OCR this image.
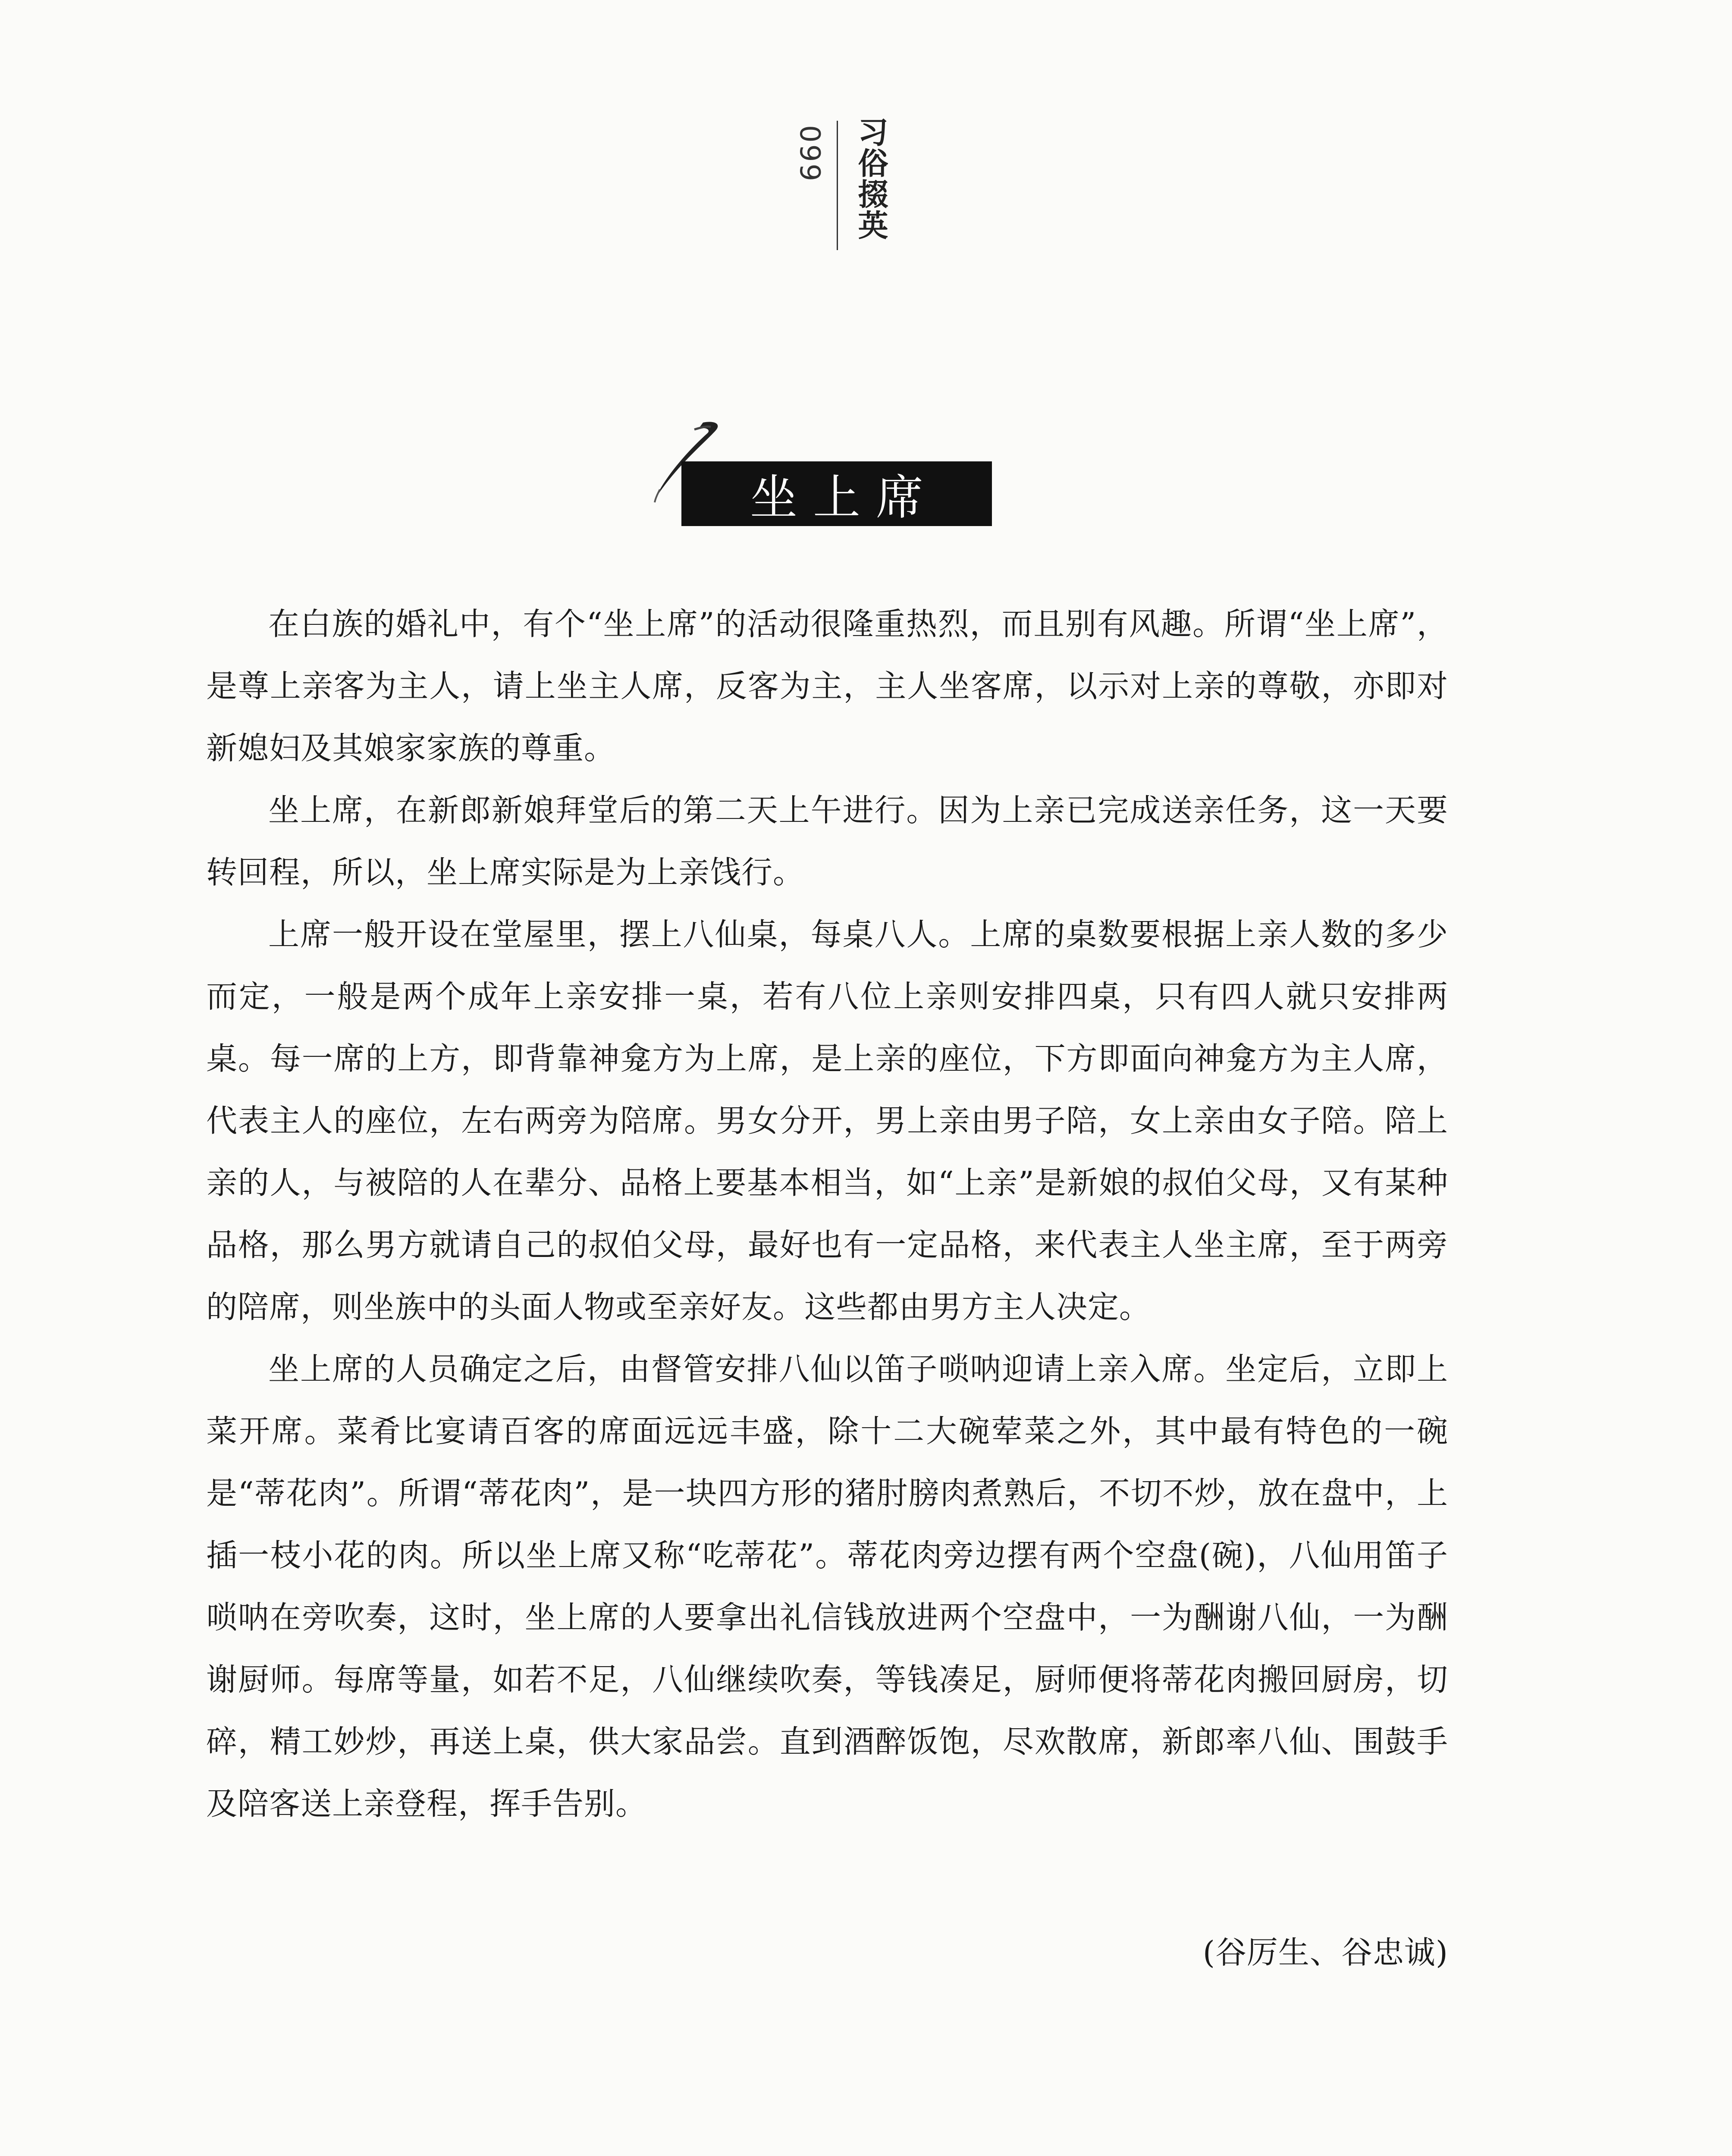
099 习俗掇英
坐上席

在白族的婚礼中，有个“坐上席”的活动很隆重热烈，而且别有风趣。所谓“坐上席”，是尊上亲客为主人，请上坐主人席，反客为主，主人坐客席，以示对上亲的尊敬，亦即对新媳妇及其娘家家族的尊重。

坐上席，在新郎新娘拜堂后的第二天上午进行。因为上亲已完成送亲任务，这一天要转回程，所以，坐上席实际是为上亲饯行。

上席一般开设在堂屋里，摆上八仙桌，每桌八人。上席的桌数要根据上亲人数的多少而定，一般是两个成年上亲安排一桌，若有八位上亲则安排四桌，只有四人就只安排两桌。每一席的上方，即背靠神龛方为上席，是上亲的座位，下方即面向神龛方为主人席，代表主人的座位，左右两旁为陪席。男女分开，男上亲由男子陪，女上亲由女子陪。陪上亲的人，与被陪的人在辈分、品格上要基本相当，如“上亲”是新娘的叔伯父母，又有某种品格，那么男方就请自己的叔伯父母，最好也有一定品格，来代表主人坐主席，至于两旁的陪席，则坐族中的头面人物或至亲好友。这些都由男方主人决定。

坐上席的人员确定之后，由督管安排八仙以笛子唢呐迎请上亲入席。坐定后，立即上菜开席。菜肴比宴请百客的席面远远丰盛，除十二大碗荤菜之外，其中最有特色的一碗是“蒂花肉”。所谓“蒂花肉”，是一块四方形的猪肘膀肉煮熟后，不切不炒，放在盘中，上插一枝小花的肉。所以坐上席又称“吃蒂花”。蒂花肉旁边摆有两个空盘(碗)，八仙用笛子唢呐在旁吹奏，这时，坐上席的人要拿出礼信钱放进两个空盘中，一为酬谢八仙，一为酬谢厨师。每席等量，如若不足，八仙继续吹奏，等钱凑足，厨师便将蒂花肉搬回厨房，切碎，精工妙炒，再送上桌，供大家品尝。直到酒醉饭饱，尽欢散席，新郎率八仙、围鼓手及陪客送上亲登程，挥手告别。

(谷厉生、谷忠诚)
